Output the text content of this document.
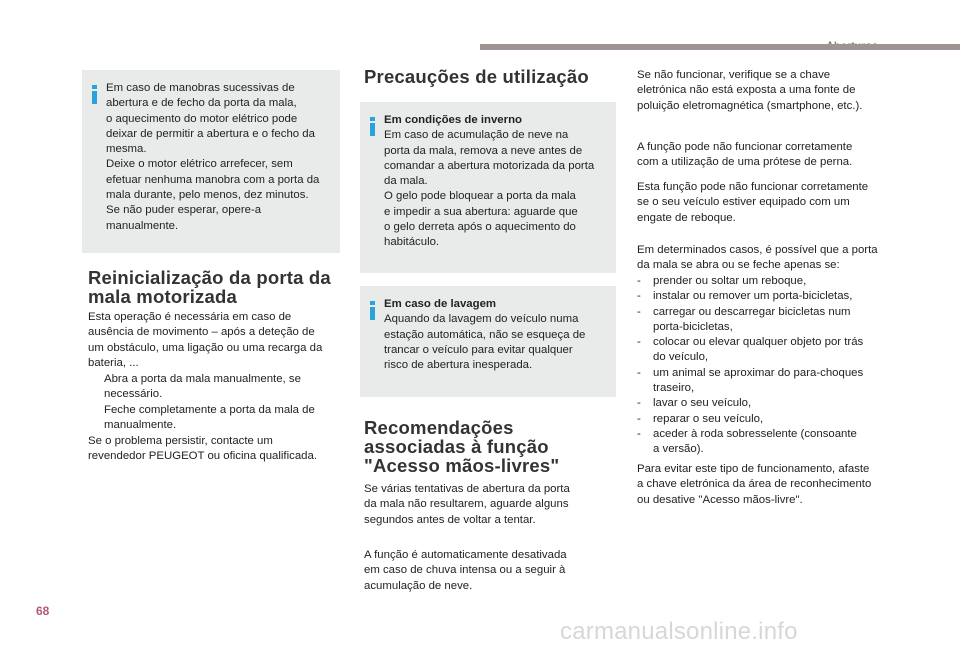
Em caso de manobras sucessivas de
abertura e de fecho da porta da mala,
o aquecimento do motor elétrico pode
deixar de permitir a abertura e o fecho da
mesma.
Deixe o motor elétrico arrefecer, sem
efetuar nenhuma manobra com a porta da
mala durante, pelo menos, dez minutos.
Se não puder esperar, opere-a
manualmente.
Reinicialização da porta da
mala motorizada
Esta operação é necessária em caso de
ausência de movimento – após a deteção de
um obstáculo, uma ligação ou uma recarga da
bateria, ...
Abra a porta da mala manualmente, se
necessário.
Feche completamente a porta da mala de
manualmente.
Se o problema persistir, contacte um
revendedor PEUGEOT ou oficina qualificada.
Precauções de utilização
Em condições de inverno
Em caso de acumulação de neve na
porta da mala, remova a neve antes de
comandar a abertura motorizada da porta
da mala.
O gelo pode bloquear a porta da mala
e impedir a sua abertura: aguarde que
o gelo derreta após o aquecimento do
habitáculo.
Em caso de lavagem
Aquando da lavagem do veículo numa
estação automática, não se esqueça de
trancar o veículo para evitar qualquer
risco de abertura inesperada.
Recomendações
associadas à função
"Acesso mãos-livres"
Se várias tentativas de abertura da porta
da mala não resultarem, aguarde alguns
segundos antes de voltar a tentar.
A função é automaticamente desativada
em caso de chuva intensa ou a seguir à
acumulação de neve.
Se não funcionar, verifique se a chave
eletrónica não está exposta a uma fonte de
poluição eletromagnética (smartphone, etc.).
A função pode não funcionar corretamente
com a utilização de uma prótese de perna.
Esta função pode não funcionar corretamente
se o seu veículo estiver equipado com um
engate de reboque.
Em determinados casos, é possível que a porta
da mala se abra ou se feche apenas se:
- prender ou soltar um reboque,
- instalar ou remover um porta-bicicletas,
- carregar ou descarregar bicicletas num
porta-bicicletas,
- colocar ou elevar qualquer objeto por trás
do veículo,
- um animal se aproximar do para-choques
traseiro,
- lavar o seu veículo,
- reparar o seu veículo,
- aceder à roda sobresselente (consoante
a versão).
Para evitar este tipo de funcionamento, afaste
a chave eletrónica da área de reconhecimento
ou desative "Acesso mãos-livre".
68
carmanualsonline.info
